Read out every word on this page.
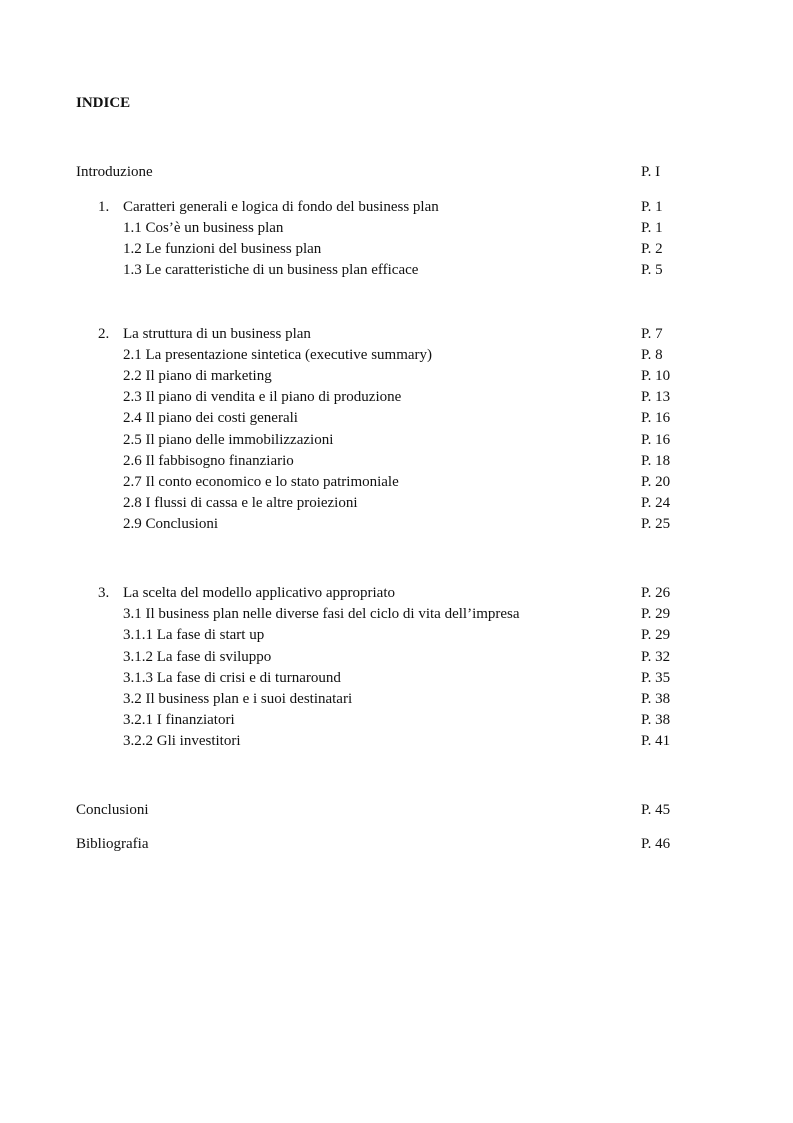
INDICE
Introduzione	P. I
1. Caratteri generali e logica di fondo del business plan	P. 1
1.1 Cos’è un business plan	P. 1
1.2 Le funzioni del business plan	P. 2
1.3 Le caratteristiche di un business plan efficace	P. 5
2. La struttura di un business plan	P. 7
2.1 La presentazione sintetica (executive summary)	P. 8
2.2 Il piano di marketing	P. 10
2.3 Il piano di vendita e il piano di produzione	P. 13
2.4 Il piano dei costi generali	P. 16
2.5 Il piano delle immobilizzazioni	P. 16
2.6 Il fabbisogno finanziario	P. 18
2.7 Il conto economico e lo stato patrimoniale	P. 20
2.8 I flussi di cassa e le altre proiezioni	P. 24
2.9 Conclusioni	P. 25
3. La scelta del modello applicativo appropriato	P. 26
3.1 Il business plan nelle diverse fasi del ciclo di vita dell’impresa	P. 29
3.1.1 La fase di start up	P. 29
3.1.2 La fase di sviluppo	P. 32
3.1.3 La fase di crisi e di turnaround	P. 35
3.2 Il business plan e i suoi destinatari	P. 38
3.2.1 I finanziatori	P. 38
3.2.2 Gli investitori	P. 41
Conclusioni	P. 45
Bibliografia	P. 46
